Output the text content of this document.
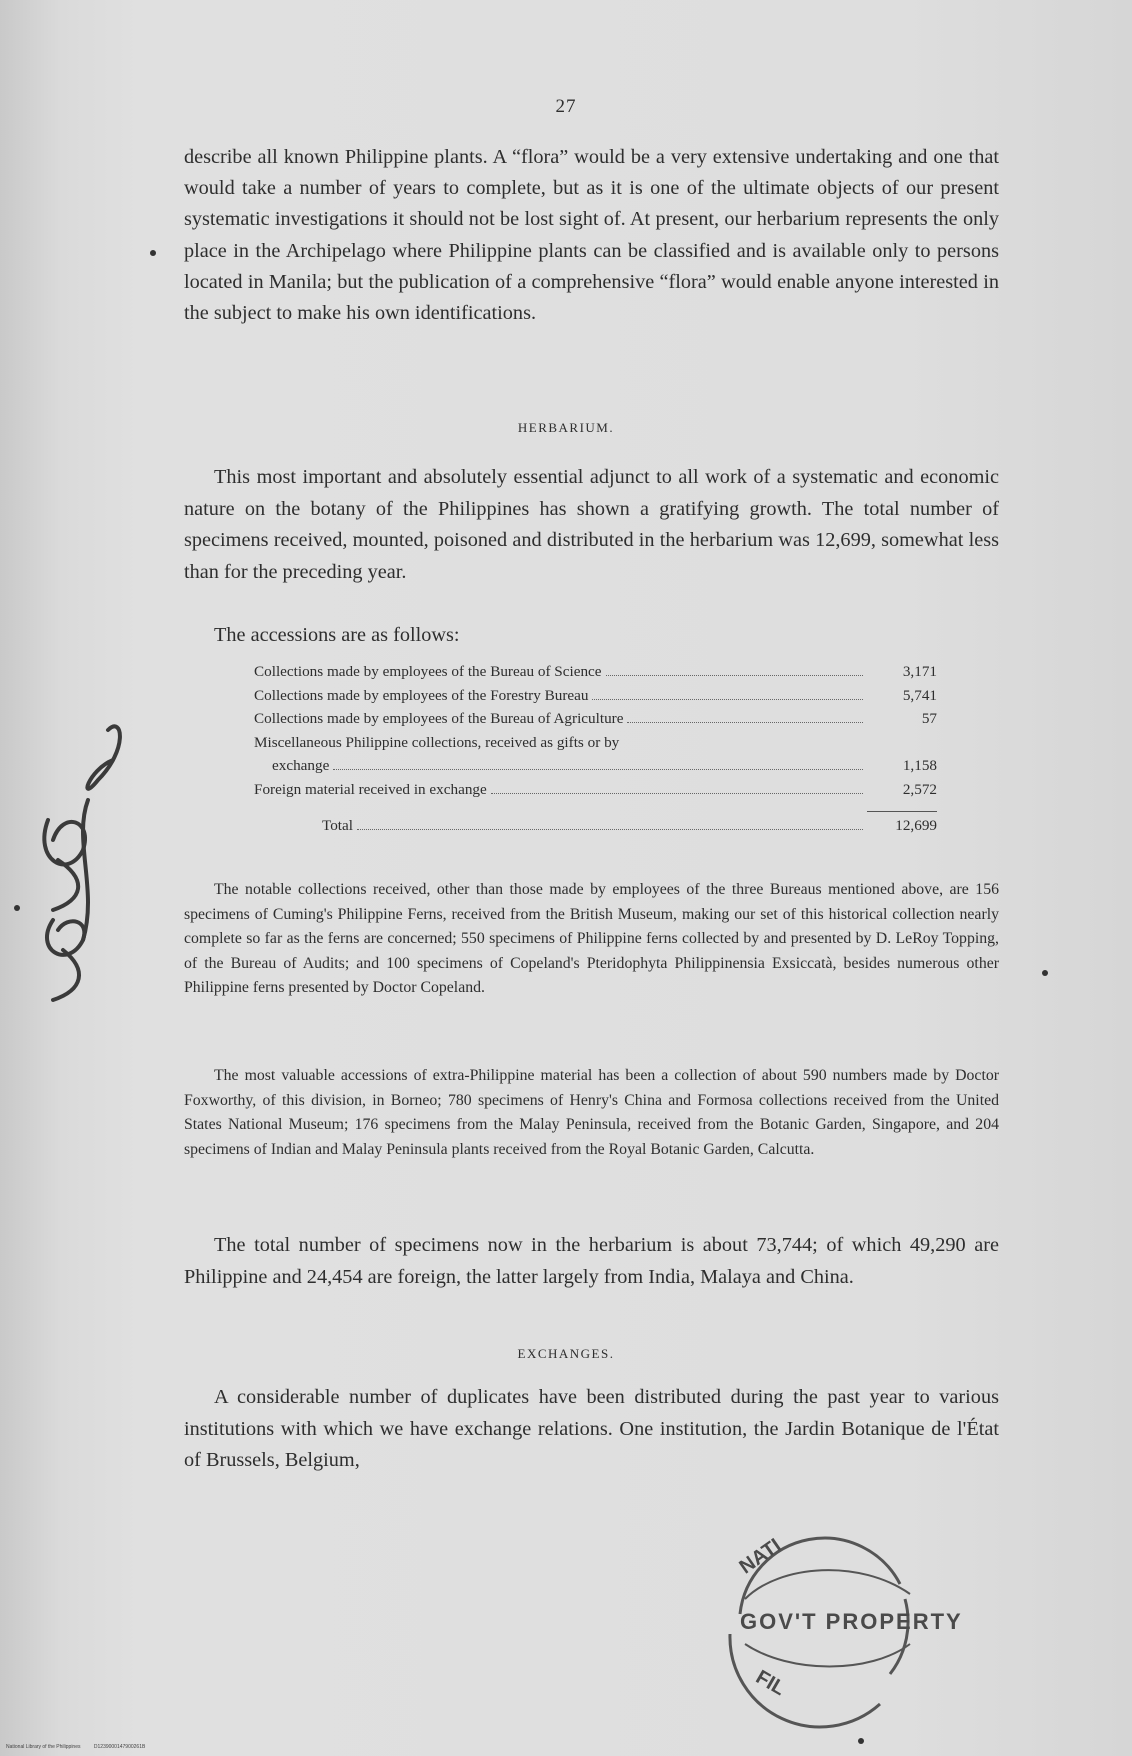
27
describe all known Philippine plants. A “flora” would be a very extensive undertaking and one that would take a number of years to complete, but as it is one of the ultimate objects of our present systematic investigations it should not be lost sight of. At present, our herbarium represents the only place in the Archipelago where Philippine plants can be classified and is available only to persons located in Manila; but the publication of a comprehensive “flora” would enable anyone interested in the subject to make his own identifications.
HERBARIUM.

This most important and absolutely essential adjunct to all work of a systematic and economic nature on the botany of the Philippines has shown a gratifying growth. The total number of specimens received, mounted, poisoned and distributed in the herbarium was 12,699, somewhat less than for the preceding year.

The accessions are as follows:
Collections made by employees of the Bureau of Science	3,171
Collections made by employees of the Forestry Bureau	5,741
Collections made by employees of the Bureau of Agriculture	57
Miscellaneous Philippine collections, received as gifts or by
exchange	1,158
Foreign material received in exchange	2,572
Total	12,699

The notable collections received, other than those made by employees of the three Bureaus mentioned above, are 156 specimens of Cuming's Philippine Ferns, received from the British Museum, making our set of this historical collection nearly complete so far as the ferns are concerned; 550 specimens of Philippine ferns collected by and presented by D. LeRoy Topping, of the Bureau of Audits; and 100 specimens of Copeland's Pteridophyta Philippinensia Exsiccatà, besides numerous other Philippine ferns presented by Doctor Copeland.

The most valuable accessions of extra-Philippine material has been a collection of about 590 numbers made by Doctor Foxworthy, of this division, in Borneo; 780 specimens of Henry's China and Formosa collections received from the United States National Museum; 176 specimens from the Malay Peninsula, received from the Botanic Garden, Singapore, and 204 specimens of Indian and Malay Peninsula plants received from the Royal Botanic Garden, Calcutta.

The total number of specimens now in the herbarium is about 73,744; of which 49,290 are Philippine and 24,454 are foreign, the latter largely from India, Malaya and China.

EXCHANGES.

A considerable number of duplicates have been distributed during the past year to various institutions with which we have exchange relations. One institution, the Jardin Botanique de l'État of Brussels, Belgium,

NATI
GOV'T PROPERTY
FIL
National Library of the Philippines	D1239000147900261B
